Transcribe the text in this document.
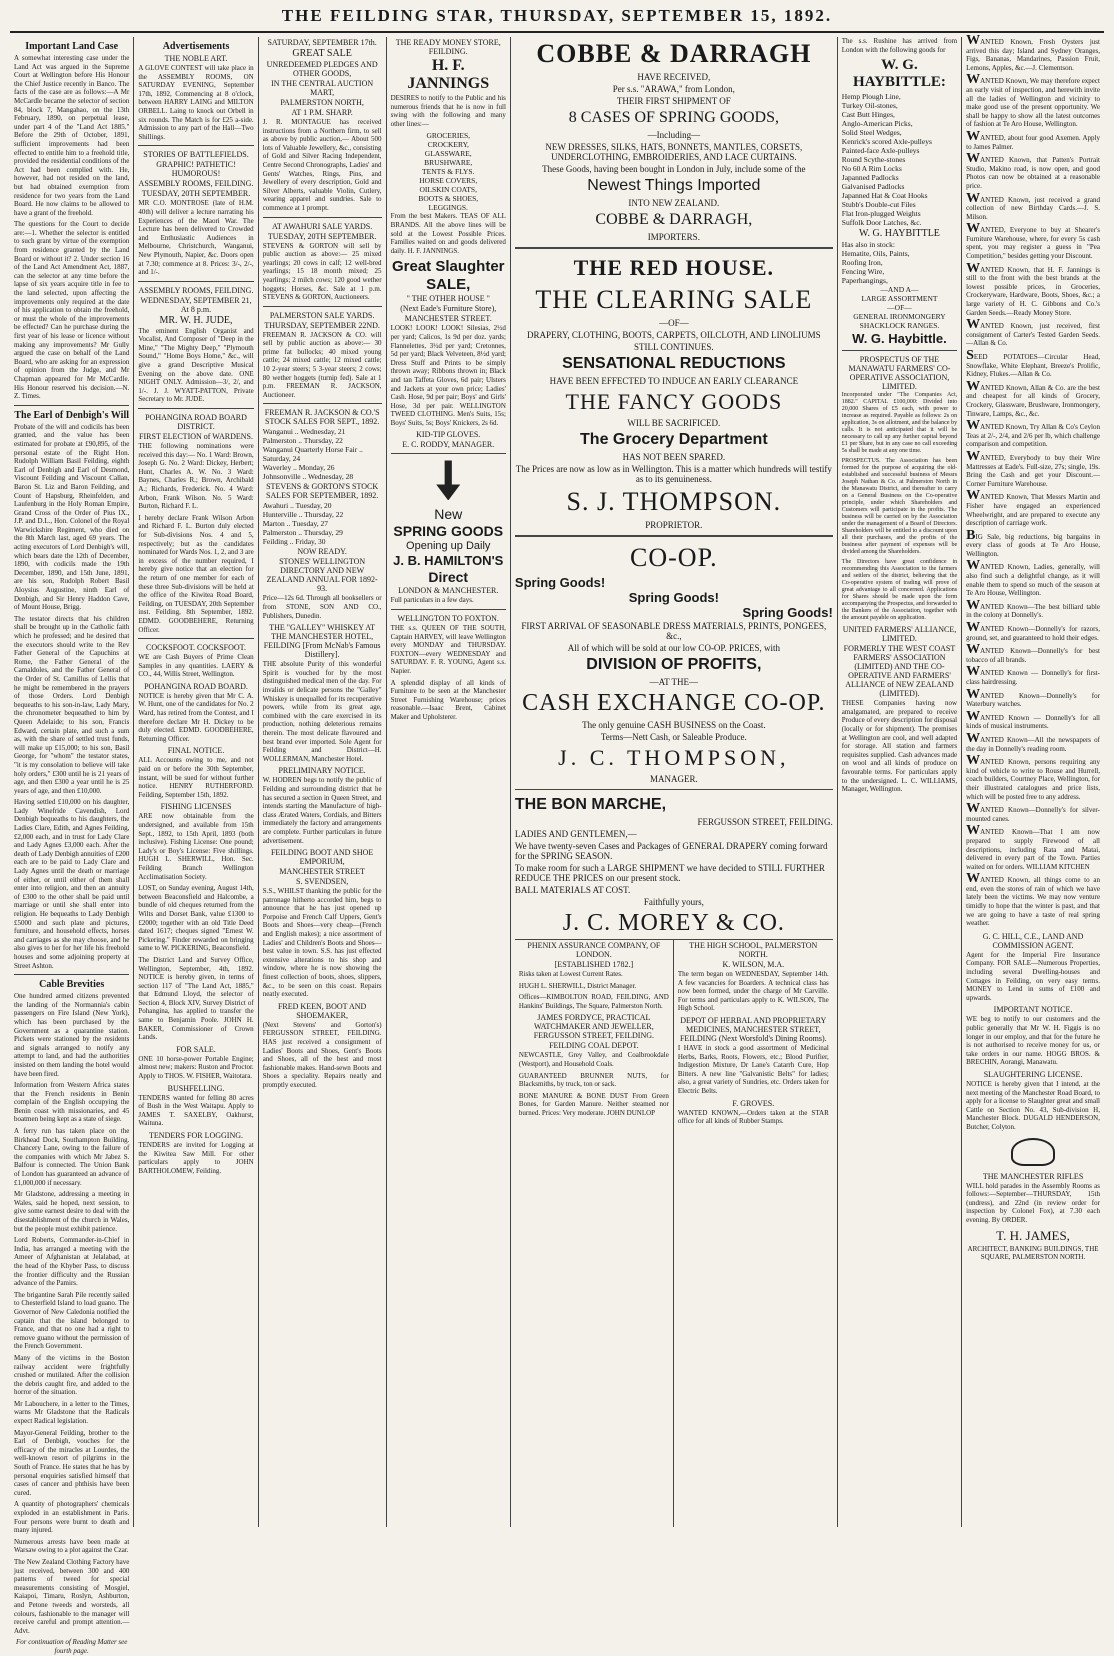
THE FEILDING STAR, THURSDAY, SEPTEMBER 15, 1892.
Important Land Case

A somewhat interesting case under the Land Act was argued in the Supreme Court at Wellington before His Honour the Chief Justice recently in Banco. The facts of the case are as follows:—A Mr McCardle became the selector of section 84, block 7, Mangahao, on the 13th February, 1890, on perpetual lease, under part 4 of the "Land Act 1885." Before the 29th of October, 1891, sufficient improvements had been effected to entitle him to a freehold title, provided the residential conditions of the Act had been complied with. He, however, had not resided on the land, but had obtained exemption from residence for two years from the Land Board. He now claims to be allowed to have a grant of the freehold.

The questions for the Court to decide are:—1. Whether the selector is entitled to such grant by virtue of the exemption from residence granted by the Land Board or without it? 2. Under section 16 of the Land Act Amendment Act, 1887, can the selector at any time before the lapse of six years acquire title in fee to the land selected, upon affecting the improvements only required at the date of his application to obtain the freehold, or must the whole of the improvements be effected? Can he purchase during the first year of his lease or licence without making any improvements? Mr Gully argued the case on behalf of the Land Board, who are asking for an expression of opinion from the Judge, and Mr Chapman appeared for Mr McCardle. His Honour reserved his decision.—N. Z. Times.

The Earl of Denbigh's Will

Probate of the will and codicils has been granted, and the value has been estimated for probate at £90,895, of the personal estate of the Right Hon. Rudolph William Basil Feilding, eighth Earl of Denbigh and Earl of Desmond, Viscount Feilding and Viscount Callan, Baron St. Liz and Baron Feilding, and Count of Hapsburg, Rheinfelden, and Laufenburg in the Holy Roman Empire, Grand Cross of the Order of Pius IX., J.P. and D.L., Hon. Colonel of the Royal Warwickshire Regiment, who died on the 8th March last, aged 69 years. The acting executors of Lord Denbigh's will, which bears date the 12th of December, 1890, with codicils made the 19th December, 1890, and 15th June, 1891, are his son, Rudolph Robert Basil Aloysius Augustine, ninth Earl of Denbigh, and Sir Henry Haddon Cave, of Mount House, Brigg.

The testator directs that his children shall be brought up in the Catholic faith which he professed; and he desired that the executors should write to the Rev Father General of the Capuchins at Rome, the Father General of the Camaldoles, and the Father General of the Order of St. Camillus of Lellis that he might be remembered in the prayers of those Orders. Lord Denbigh bequeaths to his son-in-law, Lady Mary, the chronometer bequeathed to him by Queen Adelaide; to his son, Francis Edward, certain plate, and such a sum as, with the share of settled trust funds, will make up £15,000; to his son, Basil George, for "whom" the testator states, "it is my consolation to believe will take holy orders," £300 until he is 21 years of age, and then £300 a year until he is 25 years of age, and then £10,000.

Having settled £10,000 on his daughter, Lady Winefride Cavendish, Lord Denbigh bequeaths to his daughters, the Ladies Clare, Edith, and Agnes Feilding, £2,000 each, and in trust for Lady Clare and Lady Agnes £3,000 each. After the death of Lady Denbigh annuities of £200 each are to be paid to Lady Clare and Lady Agnes until the death or marriage of either, or until either of them shall enter into religion, and then an annuity of £300 to the other shall be paid until marriage or until she shall enter into religion. He bequeaths to Lady Denbigh £5000 and such plate and pictures, furniture, and household effects, horses and carriages as she may choose, and he also gives to her for her life his freehold houses and some adjoining property at Street Ashton.

Cable Brevities

One hundred armed citizens prevented the landing of the Normannia's cabin passengers on Fire Island (New York), which has been purchased by the Government as a quarantine station. Pickets were stationed by the residents and signals arranged to notify any attempt to land, and had the authorities insisted on them landing the hotel would have been fired.

Information from Western Africa states that the French residents in Benin complain of the English occupying the Benin coast with missionaries, and 45 boatmen being kept as a state of siege.

A ferry run has taken place on the Birkhead Dock, Southampton Building. Chancery Lane, owing to the failure of the companies with which Mr Jabez S. Balfour is connected. The Union Bank of London has guaranteed an advance of £1,000,000 if necessary.

Mr Gladstone, addressing a meeting in Wales, said he hoped, next session, to give some earnest desire to deal with the disestablishment of the church in Wales, but the people must exhibit patience.

Lord Roberts, Commander-in-Chief in India, has arranged a meeting with the Ameer of Afghanistan at Jelalabad, at the head of the Khyber Pass, to discuss the frontier difficulty and the Russian advance of the Pamirs.

The brigantine Sarah Pile recently sailed to Chesterfield Island to load guano. The Governor of New Caledonia notified the captain that the island belonged to France, and that no one had a right to remove guano without the permission of the French Government.

Many of the victims in the Boston railway accident were frightfully crushed or mutilated. After the collision the debris caught fire, and added to the horror of the situation.

Mr Labouchere, in a letter to the Times, warns Mr Gladstone that the Radicals expect Radical legislation.

Mayor-General Feilding, brother to the Earl of Denbigh, vouches for the efficacy of the miracles at Lourdes, the well-known resort of pilgrims in the South of France. He states that he has by personal enquiries satisfied himself that cases of cancer and phthisis have been cured.

A quantity of photographers' chemicals exploded in an establishment in Paris. Four persons were burnt to death and many injured.

Numerous arrests have been made at Warsaw owing to a plot against the Czar.

The New Zealand Clothing Factory have just received, between 300 and 400 patterns of tweed for special measurements consisting of Mosgiel, Kaiapoi, Timaru, Roslyn, Ashburton, and Petone tweeds and worsteds, all colours, fashionable to the manager will receive careful and prompt attention.—Advt.

For continuation of Reading Matter see fourth page.

Advertisements
THE NOBLE ART.

A GLOVE CONTEST will take place in the ASSEMBLY ROOMS, ON SATURDAY EVENING, September 17th, 1892, Commencing at 8 o'clock, between HARRY LAING and MILTON ORBELL. Laing to knock out Orbell in six rounds. The Match is for £25 a-side. Admission to any part of the Hall—Two Shillings.

STORIES OF BATTLEFIELDS.
GRAPHIC! PATHETIC! HUMOROUS!
ASSEMBLY ROOMS, FEILDING.
TUESDAY, 20TH SEPTEMBER.

MR C.O. MONTROSE (late of H.M. 40th) will deliver a lecture narrating his Experiences of the Maori War. The Lecture has been delivered to Crowded and Enthusiastic Audiences in Melbourne, Christchurch, Wanganui, New Plymouth, Napier, &c. Doors open at 7.30; commence at 8. Prices: 3/-, 2/-, and 1/-.

ASSEMBLY ROOMS, FEILDING.
WEDNESDAY, SEPTEMBER 21, At 8 p.m.
MR. W. H. JUDE,

The eminent English Organist and Vocalist, And Composer of "Deep in the Mine," "The Mighty Deep," "Plymouth Sound," "Home Boys Home," &c., will give a grand Descriptive Musical Evening on the above date. ONE NIGHT ONLY. Admission—3/, 2/, and 1/-. J. J. WYATT-PATTON, Private Secretary to Mr. JUDE.

POHANGINA ROAD BOARD DISTRICT.
FIRST ELECTION of WARDENS.

THE following nominations were received this day:— No. 1 Ward: Brown, Joseph G. No. 2 Ward: Dickey, Herbert; Hunt, Charles A. W. No. 3 Ward: Baynes, Charles R.; Brown, Archibald A.; Richards, Frederick. No. 4 Ward: Arbon, Frank Wilson. No. 5 Ward: Burton, Richard F. L.

I hereby declare Frank Wilson Arbon and Richard F. L. Burton duly elected for Sub-divisions Nos. 4 and 5, respectively; but as the candidates nominated for Wards Nos. 1, 2, and 3 are in excess of the number required, I hereby give notice that an election for the return of one member for each of these three Sub-divisions will be held at the office of the Kiwitea Road Board, Feilding, on TUESDAY, 20th September inst. Feilding, 8th September, 1892. EDMD. GOODBEHERE, Returning Officer.

COCKSFOOT. COCKSFOOT.

WE are Cash Buyers of Prime Clean Samples in any quantities. LAERY & CO., 44, Willis Street, Wellington.

POHANGINA ROAD BOARD.

NOTICE is hereby given that Mr C. A. W. Hunt, one of the candidates for No. 2 Ward, has retired from the Contest, and I therefore declare Mr H. Dickey to be duly elected. EDMD. GOODBEHERE, Returning Officer.

FINAL NOTICE.

ALL Accounts owing to me, and not paid on or before the 30th September, instant, will be sued for without further notice. HENRY RUTHERFORD. Feilding, September 15th, 1892.

FISHING LICENSES

ARE now obtainable from the undersigned, and available from 15th Sept., 1892, to 15th April, 1893 (both inclusive). Fishing License: One pound; Lady's or Boy's License: Five shillings. HUGH L. SHERWILL, Hon. Sec. Feilding Branch Wellington Acclimatisation Society.

LOST, on Sunday evening, August 14th, between Beaconsfield and Halcombe, a bundle of old cheques returned from the Wilts and Dorset Bank, value £1300 to £2000; together with an old Title Deed dated 1617; cheques signed "Ernest W. Pickering." Finder rewarded on bringing same to W. PICKERING, Beaconsfield.

The District Land and Survey Office, Wellington, September, 4th, 1892. NOTICE is hereby given, in terms of section 117 of "The Land Act, 1885," that Edmund Lloyd, the selector of Section 4, Block XIV, Survey District of Pohangina, has applied to transfer the same to Benjamin Poole. JOHN H. BAKER, Commissioner of Crown Lands.

FOR SALE.

ONE 10 horse-power Portable Engine; almost new; makers: Ruston and Proctor. Apply to THOS. W. FISHER, Waitotara.

BUSHFELLING.

TENDERS wanted for felling 80 acres of Bush in the West Waitapu. Apply to JAMES T. SAXELBY, Oakhurst, Waituna.

TENDERS FOR LOGGING.

TENDERS are invited for Logging at the Kiwitea Saw Mill. For other particulars apply to JOHN BARTHOLOMEW, Feilding.

SATURDAY, SEPTEMBER 17th.
GREAT SALE
UNREDEEMED PLEDGES AND OTHER GOODS,
IN THE CENTRAL AUCTION MART,
PALMERSTON NORTH,
AT 1 P.M. SHARP.

J. R. MONTAGUE has received instructions from a Northern firm, to sell as above by public auction,— About 500 lots of Valuable Jewellery, &c., consisting of Gold and Silver Racing Independent, Centre Second Chronographs, Ladies' and Gents' Watches, Rings, Pins, and Jewellery of every description, Gold and Silver Alberts, valuable Violin, Cutlery, wearing apparel and sundries. Sale to commence at 1 prompt.

AT AWAHURI SALE YARDS.
TUESDAY, 20TH SEPTEMBER.

STEVENS & GORTON will sell by public auction as above:— 25 mixed yearlings; 20 cows in calf; 12 well-bred yearlings; 15 18 month mixed; 25 yearlings; 2 milch cows; 120 good wether hoggets; Horses, &c. Sale at 1 p.m. STEVENS & GORTON, Auctioneers.

PALMERSTON SALE YARDS.
THURSDAY, SEPTEMBER 22ND.

FREEMAN R. JACKSON & CO. will sell by public auction as above:— 30 prime fat bullocks; 40 mixed young cattle; 24 mixed cattle; 12 mixed cattle; 10 2-year steers; 5 3-year steers; 2 cows; 80 wether hoggets (turnip fed). Sale at 1 p.m. FREEMAN R. JACKSON, Auctioneer.

FREEMAN R. JACKSON & CO.'S STOCK SALES FOR SEPT., 1892.
Wanganui .. Wednesday, 21
Palmerston .. Thursday, 22
Wanganui Quarterly Horse Fair .. Saturday, 24
Waverley .. Monday, 26
Johnsonville .. Wednesday, 28
STEVENS & GORTON'S STOCK SALES FOR SEPTEMBER, 1892.
Awahuri .. Tuesday, 20
Hunterville .. Thursday, 22
Marton .. Tuesday, 27
Palmerston .. Thursday, 29
Feilding .. Friday, 30
NOW READY.
STONES' WELLINGTON DIRECTORY AND NEW ZEALAND ANNUAL FOR 1892-93.

Price—12s 6d. Through all booksellers or from STONE, SON AND CO., Publishers, Dunedin.

THE "GALLEY" WHISKEY AT THE MANCHESTER HOTEL, FEILDING [From McNab's Famous Distillery].

THE absolute Purity of this wonderful Spirit is vouched for by the most distinguished medical men of the day. For invalids or delicate persons the "Galley" Whiskey is unequalled for its recuperative powers, while from its great age, combined with the care exercised in its production, nothing deleterious remains therein. The most delicate flavoured and best brand ever imported. Sole Agent for Feilding and District—H. WOLLERMAN, Manchester Hotel.

PRELIMINARY NOTICE.

W. HODREN begs to notify the public of Feilding and surrounding district that he has secured a section in Queen Street, and intends starting the Manufacture of high-class Ærated Waters, Cordials, and Bitters immediately the factory and arrangements are complete. Further particulars in future advertisement.

FEILDING BOOT AND SHOE EMPORIUM,
MANCHESTER STREET
S. SVENDSEN,

S.S., WHILST thanking the public for the patronage hitherto accorded him, begs to announce that he has just opened up Porpoise and French Calf Uppers, Gent's Boots and Shoes—very cheap—(French and English makes); a nice assortment of Ladies' and Children's Boots and Shoes—best value in town. S.S. has just effected extensive alterations to his shop and window, where he is now showing the finest collection of boots, shoes, slippers, &c., to be seen on this coast. Repairs neatly executed.

FRED KEEN, BOOT AND SHOEMAKER,

(Next Stevens' and Gorton's) FERGUSSON STREET, FEILDING. HAS just received a consignment of Ladies' Boots and Shoes, Gent's Boots and Shoes, all of the best and most fashionable makes. Hand-sewn Boots and Shoes a speciality. Repairs neatly and promptly executed.

THE READY MONEY STORE, FEILDING.
H. F. JANNINGS

DESIRES to notify to the Public and his numerous friends that he is now in full swing with the following and many other lines:—

GROCERIES,
CROCKERY,
GLASSWARE,
BRUSHWARE,
TENTS & FLYS.
HORSE COVERS,
OILSKIN COATS,
BOOTS & SHOES,
LEGGINGS.

From the best Makers. TEAS OF ALL BRANDS. All the above lines will be sold at the Lowest Possible Prices. Families waited on and goods delivered daily. H. F. JANNINGS.

Great Slaughter
SALE,
" THE OTHER HOUSE "
(Next Eade's Furniture Store),
MANCHESTER STREET.

LOOK! LOOK! LOOK! Silesias, 2½d per yard; Calicos, 1s 9d per doz. yards; Flannelettes, 3½d per yard; Cretonnes, 5d per yard; Black Velveteen, 8½d yard; Dress Stuff and Prints to be simply thrown away; Ribbons thrown in; Black and tan Taffeta Gloves, 6d pair; Ulsters and Jackets at your own price; Ladies' Cash. Hose, 9d per pair; Boys' and Girls' Hose, 3d per pair. WELLINGTON TWEED CLOTHING. Men's Suits, 15s; Boys' Suits, 5s; Boys' Knickers, 2s 6d.

KID-TIP GLOVES.
E. C. RODDY, MANAGER.
New
SPRING GOODS
Opening up Daily
J. B. HAMILTON'S
Direct
LONDON & MANCHESTER.

Full particulars in a few days.

WELLINGTON TO FOXTON.

THE s.s. QUEEN OF THE SOUTH, Captain HARVEY, will leave Wellington every MONDAY and THURSDAY. FOXTON—every WEDNESDAY and SATURDAY. F. R. YOUNG, Agent s.s. Napier.

A splendid display of all kinds of Furniture to be seen at the Manchester Street Furnishing Warehouse; prices reasonable.—Isaac Brent, Cabinet Maker and Upholsterer.

COBBE & DARRAGH
HAVE RECEIVED,
Per s.s. "ARAWA," from London,
THEIR FIRST SHIPMENT OF
8 CASES OF SPRING GOODS,
—Including—
NEW DRESSES, SILKS, HATS, BONNETS, MANTLES, CORSETS, UNDERCLOTHING, EMBROIDERIES, AND LACE CURTAINS.
These Goods, having been bought in London in July, include some of the
Newest Things Imported
INTO NEW ZEALAND.
COBBE & DARRAGH,
IMPORTERS.
THE RED HOUSE.
THE CLEARING SALE
—OF—
DRAPERY, CLOTHING, BOOTS, CARPETS, OILCLOTH, AND LINOLIUMS
STILL CONTINUES.
SENSATIONAL REDUCTIONS
HAVE BEEN EFFECTED TO INDUCE AN EARLY CLEARANCE
THE FANCY GOODS
WILL BE SACRIFICED.
The Grocery Department
HAS NOT BEEN SPARED.
The Prices are now as low as in Wellington. This is a matter which hundreds will testify as to its genuineness.
S. J. THOMPSON.
PROPRIETOR.
CO-OP.
Spring Goods!
Spring Goods!
Spring Goods!
FIRST ARRIVAL OF SEASONABLE DRESS MATERIALS, PRINTS, PONGEES, &c.,
All of which will be sold at our low CO-OP. PRICES, with
DIVISION OF PROFITS,
—AT THE—
CASH EXCHANGE CO-OP.
The only genuine CASH BUSINESS on the Coast.
Terms—Nett Cash, or Saleable Produce.
J. C. THOMPSON,
MANAGER.
THE BON MARCHE,
FERGUSSON STREET, FEILDING.
LADIES AND GENTLEMEN,—
We have twenty-seven Cases and Packages of GENERAL DRAPERY coming forward for the SPRING SEASON.
To make room for such a LARGE SHIPMENT we have decided to STILL FURTHER REDUCE THE PRICES on our present stock.
BALL MATERIALS AT COST.
Faithfully yours,
J. C. MOREY & CO.
PHENIX ASSURANCE COMPANY, OF LONDON.
[ESTABLISHED 1782.]

Risks taken at Lowest Current Rates.

HUGH L. SHERWILL, District Manager.

Offices—KIMBOLTON ROAD, FEILDING, AND Hankins' Buildings, The Square, Palmerston North.

JAMES FORDYCE, PRACTICAL WATCHMAKER AND JEWELLER, FERGUSSON STREET, FEILDING.
FEILDING COAL DEPOT.

NEWCASTLE, Grey Valley, and Coalbrookdale (Westport), and Household Coals.

GUARANTEED BRUNNER NUTS, for Blacksmiths, by truck, ton or sack.

BONE MANURE & BONE DUST From Green Bones, for Garden Manure. Neither steamed nor burned. Prices: Very moderate. JOHN DUNLOP

THE HIGH SCHOOL, PALMERSTON NORTH.
K. WILSON, M.A.

The term began on WEDNESDAY, September 14th. A few vacancies for Boarders. A technical class has now been formed, under the charge of Mr Carville. For terms and particulars apply to K. WILSON, The High School.

DEPOT OF HERBAL AND PROPRIETARY MEDICINES, MANCHESTER STREET, FEILDING (Next Worsfold's Dining Rooms).

I HAVE in stock a good assortment of Medicinal Herbs, Barks, Roots, Flowers, etc.; Blood Purifier, Indigestion Mixture, Dr Lane's Catarrh Cure, Hop Bitters. A new line "Galvanistic Belts" for ladies; also, a great variety of Sundries, etc. Orders taken for Electric Belts.

F. GROVES.

WANTED KNOWN,—Orders taken at the STAR office for all kinds of Rubber Stamps.

The s.s. Rushine has arrived from London with the following goods for

W. G. HAYBITTLE:
Hemp Plough Line,
Turkey Oil-stones,
Cast Butt Hinges,
Anglo-American Picks,
Solid Steel Wedges,
Kenrick's scored Axle-pulleys
Painted-face Axle-pulleys
Round Scythe-stones
No 60 A Rim Locks
Japanned Padlocks
Galvanised Padlocks
Japanned Hat & Coat Hooks
Stubb's Double-cut Files
Flat Iron-plugged Weights
Suffolk Door Latches, &c.
W. G. HAYBITTLE
Has also in stock:
Hematite, Oils, Paints,
Roofing Iron,
Fencing Wire,
Paperhangings,
—AND A—
LARGE ASSORTMENT
—OF—
GENERAL IRONMONGERY
SHACKLOCK RANGES.
W. G. Haybittle.
PROSPECTUS OF THE MANAWATU FARMERS' CO-OPERATIVE ASSOCIATION, LIMITED.

Incorporated under "The Companies Act, 1882." CAPITAL £100,000: Divided into 20,000 Shares of £5 each, with power to increase as required. Payable as follows: 2s on application, 3s on allotment, and the balance by calls. It is not anticipated that it will be necessary to call up any further capital beyond £1 per Share, but in any case no call exceeding 5s shall be made at any one time.

PROSPECTUS. The Association has been formed for the purpose of acquiring the old-established and successful business of Messrs Joseph Nathan & Co. at Palmerston North in the Manawatu District, and thereafter to carry on a General Business on the Co-operative principle, under which Shareholders and Customers will participate in the profits. The business will be carried on by the Association under the management of a Board of Directors. Shareholders will be entitled to a discount upon all their purchases, and the profits of the business after payment of expenses will be divided among the Shareholders.

The Directors have great confidence in recommending this Association to the farmers and settlers of the district, believing that the Co-operative system of trading will prove of great advantage to all concerned. Applications for Shares should be made upon the form accompanying the Prospectus, and forwarded to the Bankers of the Association, together with the amount payable on application.

UNITED FARMERS' ALLIANCE, LIMITED.
FORMERLY THE WEST COAST FARMERS' ASSOCIATION (LIMITED) AND THE CO-OPERATIVE AND FARMERS' ALLIANCE of NEW ZEALAND (LIMITED).

THESE Companies having now amalgamated, are prepared to receive Produce of every description for disposal (locally or for shipment). The premises at Wellington are cool, and well adapted for storage. All station and farmers requisites supplied. Cash advances made on wool and all kinds of produce on favourable terms. For particulars apply to the undersigned. L. C. WILLIAMS, Manager, Wellington.

WANTED Known, Fresh Oysters just arrived this day; Island and Sydney Oranges, Figs, Bananas, Mandarines, Passion Fruit, Lemons, Apples, &c.—J. Clementson.

WANTED Known, We may therefore expect an early visit of inspection, and herewith invite all the ladies of Wellington and vicinity to make good use of the present opportunity. We shall be happy to show all the latest outcomes of fashion at Te Aro House, Wellington.

WANTED, about four good Axemen. Apply to James Palmer.

WANTED Known, that Patten's Portrait Studio, Makino road, is now open, and good Photos can now be obtained at a reasonable price.

WANTED Known, just received a grand collection of new Birthday Cards.—J. S. Milson.

WANTED, Everyone to buy at Shearer's Furniture Warehouse, where, for every 5s cash spent, you may register a guess in "Pea Competition," besides getting your Discount.

WANTED Known, that H. F. Jannings is still to the front with the best brands at the lowest possible prices, in Groceries, Crockeryware, Hardware, Boots, Shoes, &c.; a large variety of H. C. Gibbons and Co.'s Garden Seeds.—Ready Money Store.

WANTED Known, just received, first consignment of Carter's Tested Garden Seeds.—Allan & Co.

SEED POTATOES—Circular Head, Snowflake, White Elephant, Breeze's Prolific, Kidney, Flukes.—Allan & Co.

WANTED Known, Allan & Co. are the best and cheapest for all kinds of Grocery, Crockery, Glassware, Brushware, Ironmongery, Tinware, Lamps, &c., &c.

WANTED Known, Try Allan & Co's Ceylon Teas at 2/-, 2/4, and 2/6 per lb, which challenge comparison and competition.

WANTED, Everybody to buy their Wire Mattresses at Eade's. Full-size, 27s; single, 19s. Bring the Cash and get your Discount.—Corner Furniture Warehouse.

WANTED Known, That Messrs Martin and Fisher have engaged an experienced Wheelwright, and are prepared to execute any description of carriage work.

BIG Sale, big reductions, big bargains in every class of goods at Te Aro House, Wellington.

WANTED Known, Ladies, generally, will also find such a delightful change, as it will enable them to spend so much of the season at Te Aro House, Wellington.

WANTED Known—The best billiard table in the colony at Donnelly's.

WANTED Known—Donnelly's for razors, ground, set, and guaranteed to hold their edges.

WANTED Known—Donnelly's for best tobacco of all brands.

WANTED Known — Donnelly's for first-class hairdressing.

WANTED Known—Donnelly's for Waterbury watches.

WANTED Known — Donnelly's for all kinds of musical instruments.

WANTED Known—All the newspapers of the day in Donnelly's reading room.

WANTED Known, persons requiring any kind of vehicle to write to Rouse and Hurrell, coach builders, Courtney Place, Wellington, for their illustrated catalogues and price lists, which will be posted free to any address.

WANTED Known—Donnelly's for silver-mounted canes.

WANTED Known—That I am now prepared to supply Firewood of all descriptions, including Rata and Matai, delivered in every part of the Town. Parties waited on for orders. WILLIAM KITCHEN

WANTED Known, all things come to an end, even the stores of rain of which we have lately been the victims. We may now venture timidly to hope that the winter is past, and that we are going to have a taste of real spring weather.

G. C. HILL, C.E., LAND AND COMMISSION AGENT.

Agent for the Imperial Fire Insurance Company. FOR SALE—Numerous Properties, including several Dwelling-houses and Cottages in Feilding, on very easy terms. MONEY to Lend in sums of £100 and upwards.

IMPORTANT NOTICE.

WE beg to notify to our customers and the public generally that Mr W. H. Figgis is no longer in our employ, and that for the future he is not authorised to receive money for us, or take orders in our name. HOGG BROS. & BRECHIN, Aorangi, Manawatu.

SLAUGHTERING LICENSE.

NOTICE is hereby given that I intend, at the next meeting of the Manchester Road Board, to apply for a license to Slaughter great and small Cattle on Section No. 43, Sub-division H, Manchester Block. DUGALD HENDERSON, Butcher, Colyton.

THE MANCHESTER RIFLES

WILL hold parades in the Assembly Rooms as follows:—September—THURSDAY, 15th (undress), and 22nd (in review order for inspection by Colonel Fox), at 7.30 each evening. By ORDER.

T. H. JAMES,

ARCHITECT, BANKING BUILDINGS, THE SQUARE, PALMERSTON NORTH.
